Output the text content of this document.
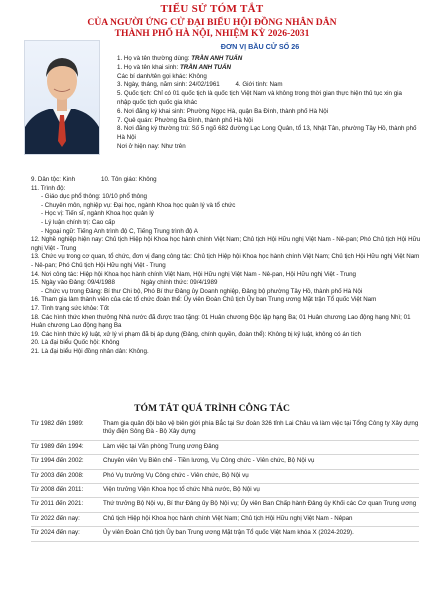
TIỂU SỬ TÓM TẮT
CỦA NGƯỜI ỨNG CỬ ĐẠI BIỂU HỘI ĐỒNG NHÂN DÂN
THÀNH PHỐ HÀ NỘI, NHIỆM KỲ 2026-2031
ĐƠN VỊ BẦU CỬ SỐ 26
1. Họ và tên thường dùng: TRẦN ANH TUẤN
1. Họ và tên khai sinh: TRẦN ANH TUẤN
Các bí danh/tên gọi khác: Không
3. Ngày, tháng, năm sinh: 24/02/1961	4. Giới tính: Nam
5. Quốc tịch: Chỉ có 01 quốc tịch là quốc tịch Việt Nam và không trong thời gian thực hiện thủ tục xin gia nhập quốc tịch quốc gia khác
6. Nơi đăng ký khai sinh: Phường Ngọc Hà, quận Ba Đình, thành phố Hà Nội
7. Quê quán: Phường Ba Đình, thành phố Hà Nội
8. Nơi đăng ký thường trú: Số 5 ngõ 682 đường Lạc Long Quân, tổ 13, Nhật Tân, phường Tây Hồ, thành phố Hà Nội
Nơi ở hiện nay: Như trên
9. Dân tộc: Kinh	10. Tôn giáo: Không
11. Trình độ:
- Giáo dục phổ thông: 10/10 phổ thông
- Chuyên môn, nghiệp vụ: Đại học, ngành Khoa học quản lý và tổ chức
- Học vị: Tiến sĩ, ngành Khoa học quản lý
- Lý luận chính trị: Cao cấp
- Ngoại ngữ: Tiếng Anh trình độ C, Tiếng Trung trình độ A
12. Nghề nghiệp hiện nay: Chủ tịch Hiệp hội Khoa học hành chính Việt Nam; Chủ tịch Hội Hữu nghị Việt Nam - Nê-pan; Phó Chủ tịch Hội Hữu nghị Việt - Trung
13. Chức vụ trong cơ quan, tổ chức, đơn vị đang công tác: Chủ tịch Hiệp hội Khoa học hành chính Việt Nam; Chủ tịch Hội Hữu nghị Việt Nam - Nê-pan; Phó Chủ tịch Hội Hữu nghị Việt - Trung
14. Nơi công tác: Hiệp hội Khoa học hành chính Việt Nam, Hội Hữu nghị Việt Nam - Nê-pan, Hội Hữu nghị Việt - Trung
15. Ngày vào Đảng: 09/4/1988	Ngày chính thức: 09/4/1989
- Chức vụ trong Đảng: Bí thư Chi bộ, Phó Bí thư Đảng ủy Doanh nghiệp, Đảng bộ phường Tây Hồ, thành phố Hà Nội
16. Tham gia làm thành viên của các tổ chức đoàn thể: Ủy viên Đoàn Chủ tịch Ủy ban Trung ương Mặt trận Tổ quốc Việt Nam
17. Tình trạng sức khỏe: Tốt
18. Các hình thức khen thưởng Nhà nước đã được trao tặng: 01 Huân chương Độc lập hạng Ba; 01 Huân chương Lao động hạng Nhì; 01 Huân chương Lao động hạng Ba
19. Các hình thức kỷ luật, xử lý vi phạm đã bị áp dụng (Đảng, chính quyền, đoàn thể): Không bị kỷ luật, không có án tích
20. Là đại biểu Quốc hội: Không
21. Là đại biểu Hội đồng nhân dân: Không.
TÓM TẮT QUÁ TRÌNH CÔNG TÁC
Từ 1982 đến 1989:	Tham gia quân đội bảo vệ biên giới phía Bắc tại Sư đoàn 326 tỉnh Lai Châu và làm việc tại Tổng Công ty Xây dựng thủy điện Sông Đà - Bộ Xây dựng
Từ 1989 đến 1994:	Làm việc tại Văn phòng Trung ương Đảng
Từ 1994 đến 2002:	Chuyên viên Vụ Biên chế - Tiền lương, Vụ Công chức - Viên chức, Bộ Nội vụ
Từ 2003 đến 2008:	Phó Vụ trưởng Vụ Công chức - Viên chức, Bộ Nội vụ
Từ 2008 đến 2011:	Viện trưởng Viện Khoa học tổ chức Nhà nước, Bộ Nội vụ
Từ 2011 đến 2021:	Thứ trưởng Bộ Nội vụ, Bí thư Đảng ủy Bộ Nội vụ; Ủy viên Ban Chấp hành Đảng ủy Khối các Cơ quan Trung ương
Từ 2022 đến nay:	Chủ tịch Hiệp hội Khoa học hành chính Việt Nam; Chủ tịch Hội Hữu nghị Việt Nam - Nêpan
Từ 2024 đến nay:	Ủy viên Đoàn Chủ tịch Ủy ban Trung ương Mặt trận Tổ quốc Việt Nam khóa X (2024-2029).
